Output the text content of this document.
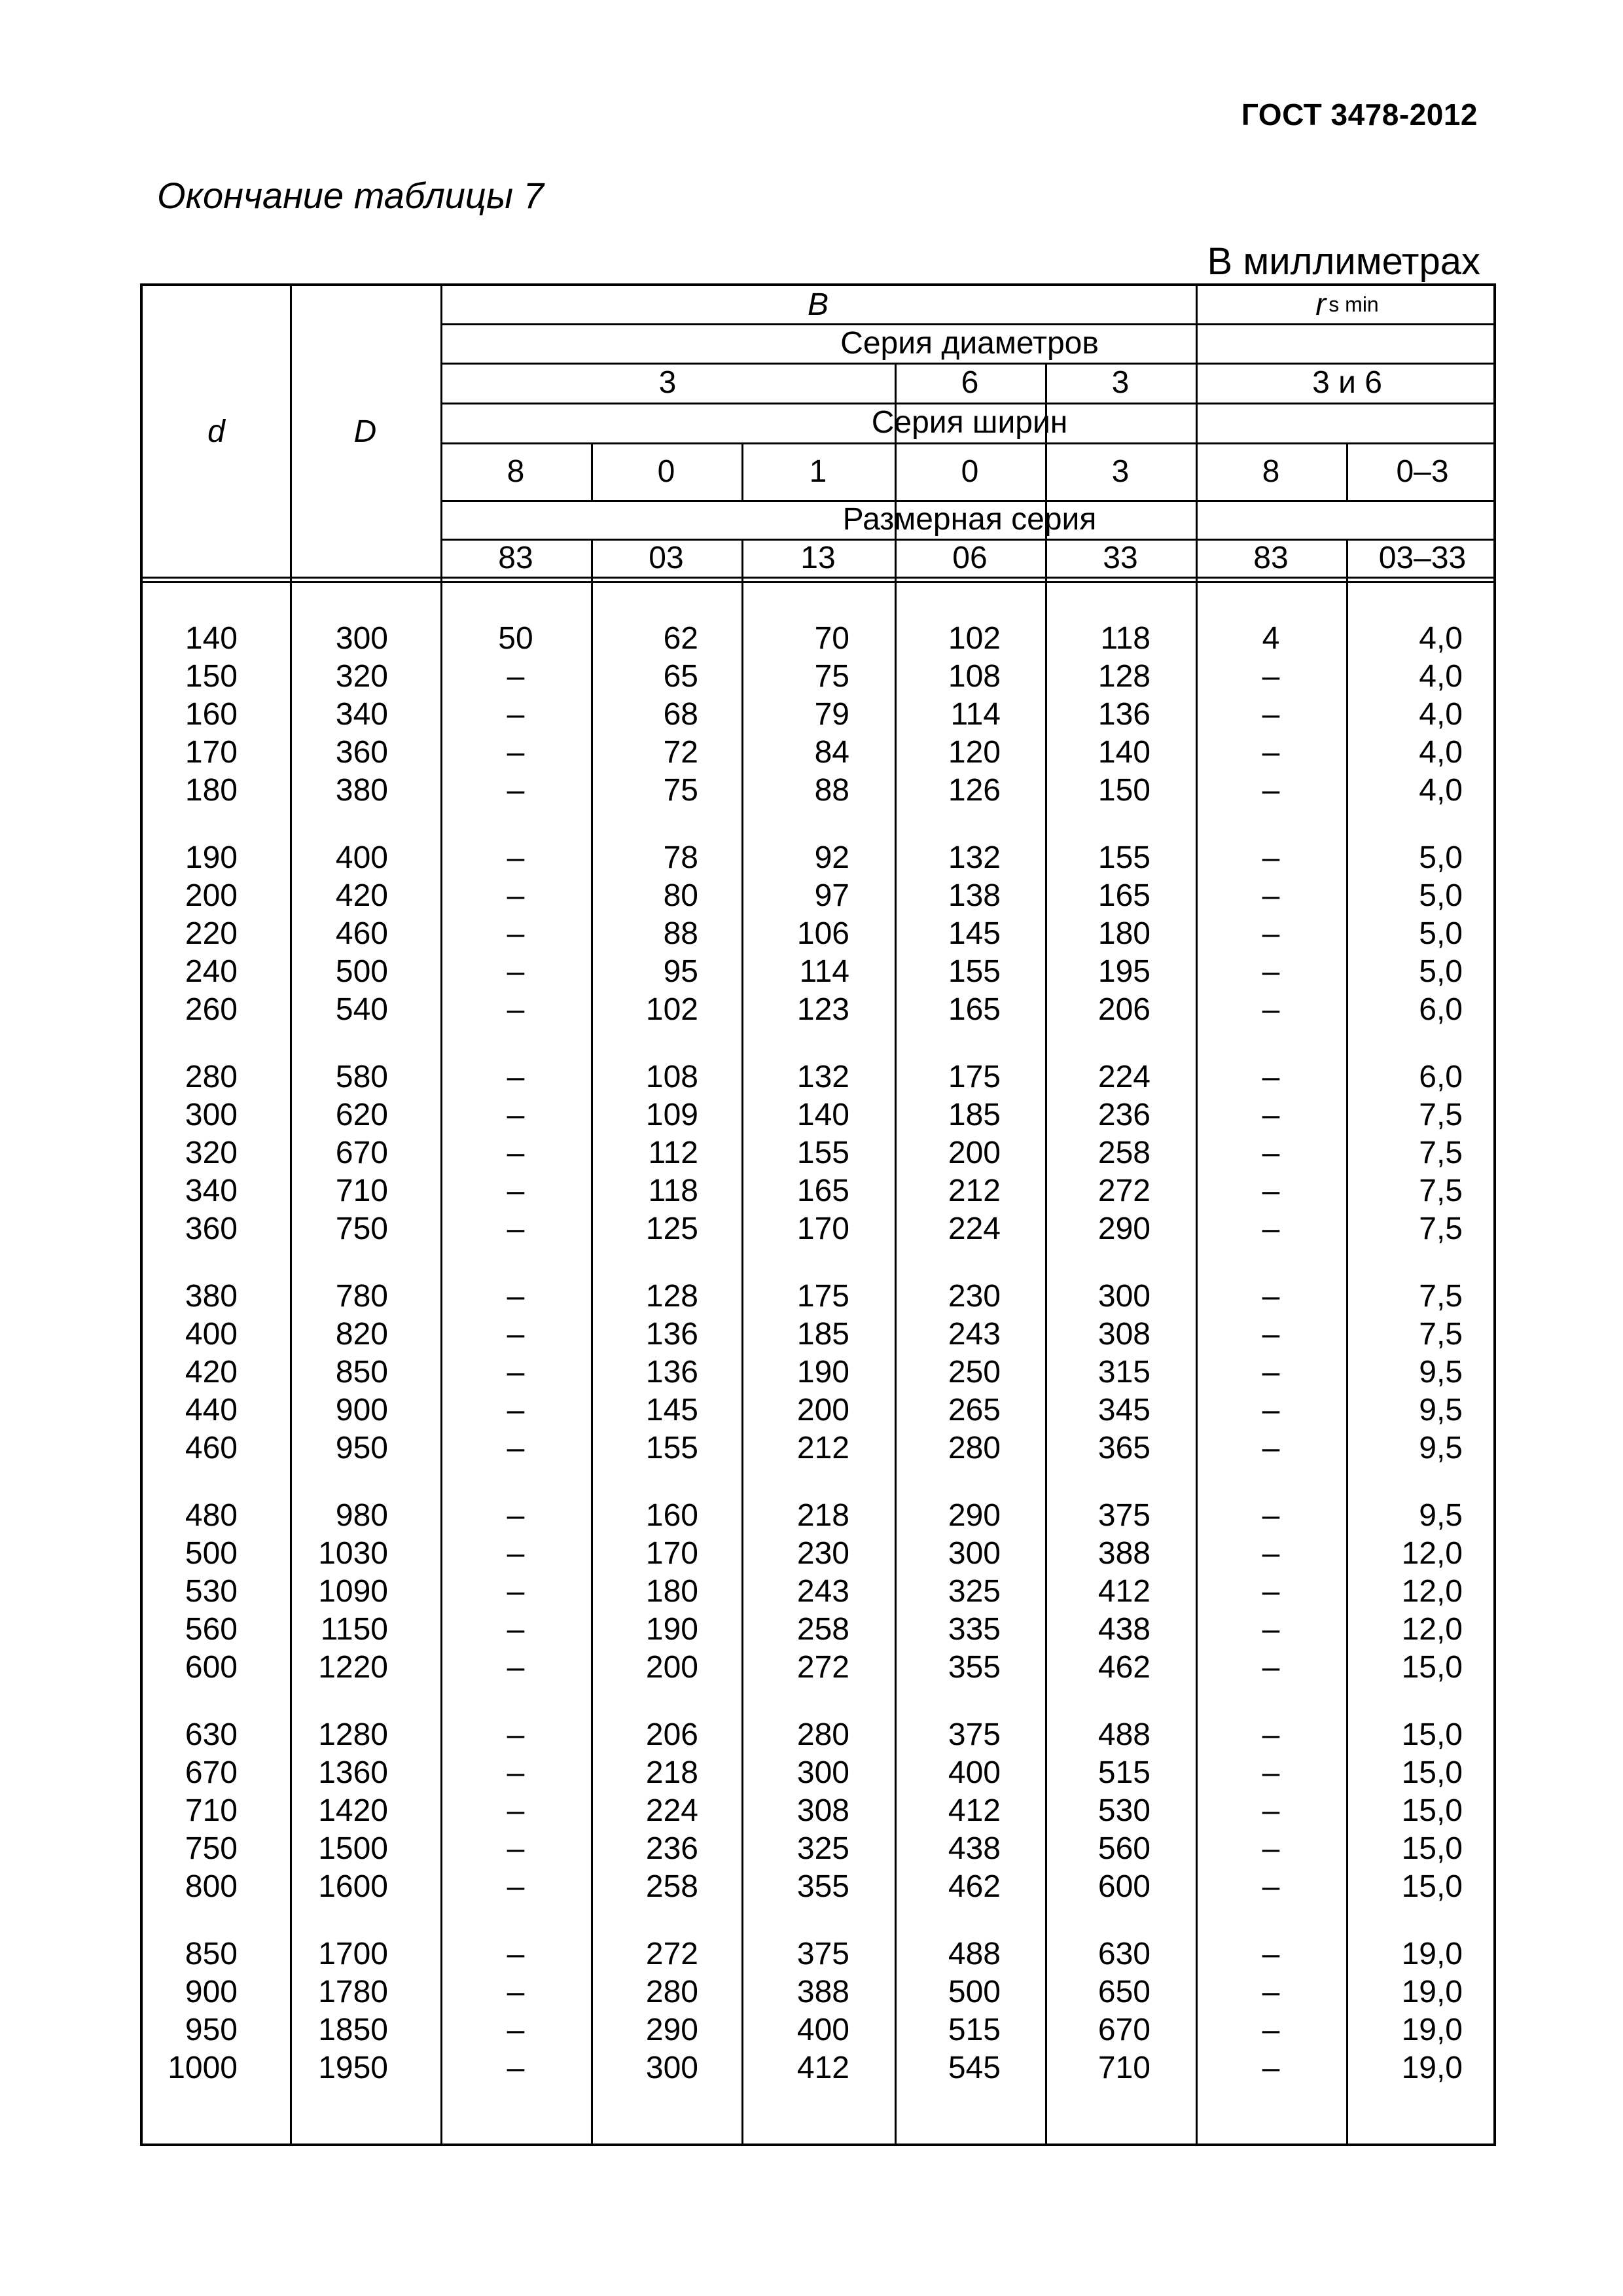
ГОСТ 3478-2012
Окончание таблицы 7
В миллиметрах
d	D
B	r s min
Серия диаметров
3	6	3	3 и 6
Серия ширин
8	0	1	0	3	8	0–3
Размерная серия
83	03	13	06	33	83	03–33
140	300	50	62	70	102	118	4	4,0
150	320	–	65	75	108	128	–	4,0
160	340	–	68	79	114	136	–	4,0
170	360	–	72	84	120	140	–	4,0
180	380	–	75	88	126	150	–	4,0
190	400	–	78	92	132	155	–	5,0
200	420	–	80	97	138	165	–	5,0
220	460	–	88	106	145	180	–	5,0
240	500	–	95	114	155	195	–	5,0
260	540	–	102	123	165	206	–	6,0
280	580	–	108	132	175	224	–	6,0
300	620	–	109	140	185	236	–	7,5
320	670	–	112	155	200	258	–	7,5
340	710	–	118	165	212	272	–	7,5
360	750	–	125	170	224	290	–	7,5
380	780	–	128	175	230	300	–	7,5
400	820	–	136	185	243	308	–	7,5
420	850	–	136	190	250	315	–	9,5
440	900	–	145	200	265	345	–	9,5
460	950	–	155	212	280	365	–	9,5
480	980	–	160	218	290	375	–	9,5
500	1030	–	170	230	300	388	–	12,0
530	1090	–	180	243	325	412	–	12,0
560	1150	–	190	258	335	438	–	12,0
600	1220	–	200	272	355	462	–	15,0
630	1280	–	206	280	375	488	–	15,0
670	1360	–	218	300	400	515	–	15,0
710	1420	–	224	308	412	530	–	15,0
750	1500	–	236	325	438	560	–	15,0
800	1600	–	258	355	462	600	–	15,0
850	1700	–	272	375	488	630	–	19,0
900	1780	–	280	388	500	650	–	19,0
950	1850	–	290	400	515	670	–	19,0
1000	1950	–	300	412	545	710	–	19,0
